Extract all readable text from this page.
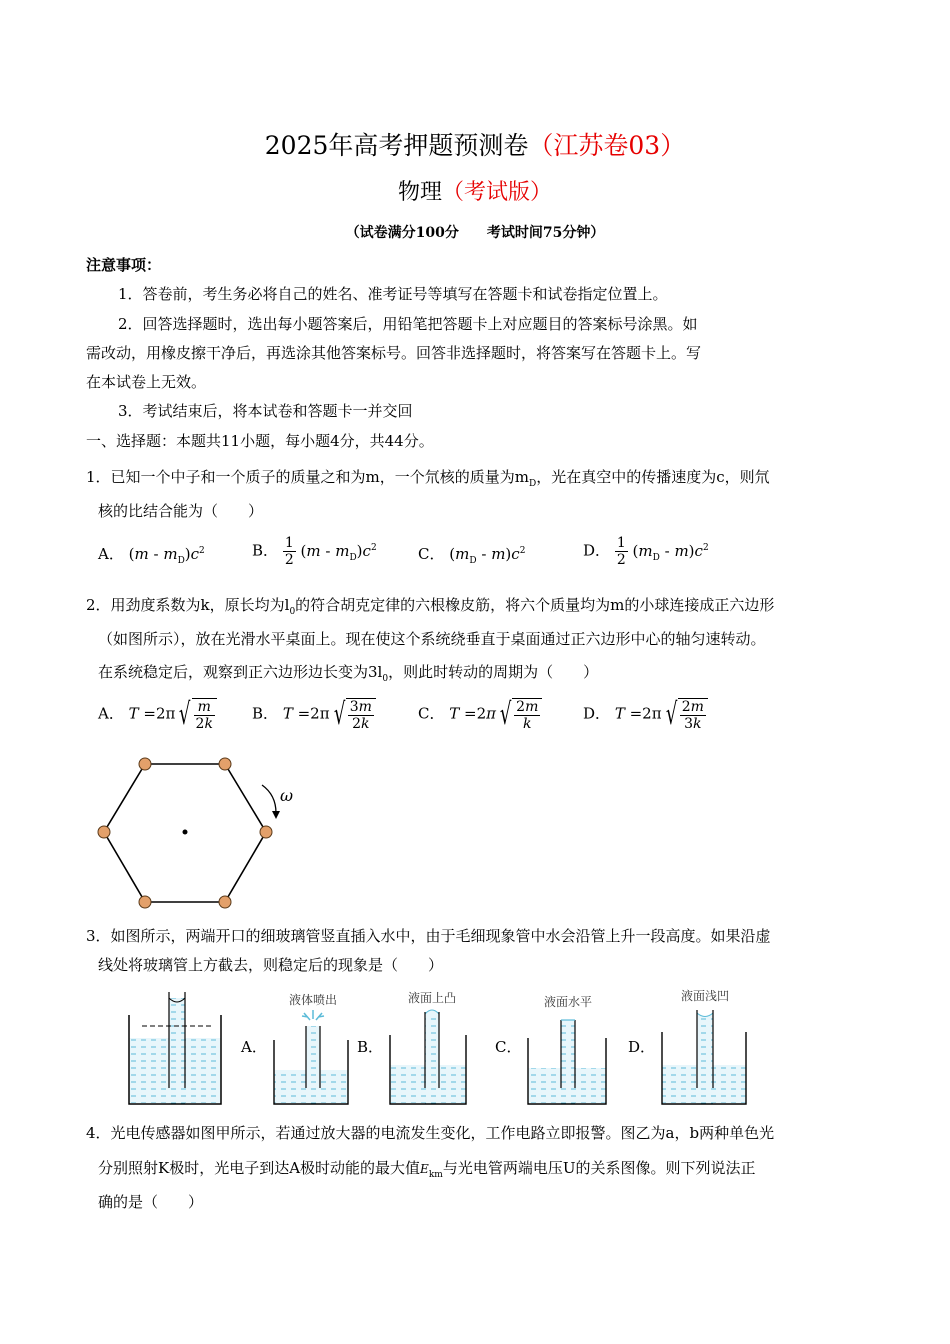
2025年高考押题预测卷（江苏卷03）
物理（考试版）
（试卷满分100分　　考试时间75分钟）
注意事项：
1．答卷前，考生务必将自己的姓名、准考证号等填写在答题卡和试卷指定位置上。
2．回答选择题时，选出每小题答案后，用铅笔把答题卡上对应题目的答案标号涂黑。如
需改动，用橡皮擦干净后，再选涂其他答案标号。回答非选择题时，将答案写在答题卡上。写
在本试卷上无效。
3．考试结束后，将本试卷和答题卡一并交回
一、选择题：本题共11小题，每小题4分，共44分。
1．已知一个中子和一个质子的质量之和为m，一个氘核的质量为$m_D$，光在真空中的传播速度为c，则氘
核的比结合能为（　　）
A． $(m - m_D)c^2$	B． $\frac{1}{2} (m - m_D)c^2$	C． $(m_D - m)c^2$	D． $\frac{1}{2} (m_D - m)c^2$
2．用劲度系数为k，原长均为$l_0$的符合胡克定律的六根橡皮筋，将六个质量均为m的小球连接成正六边形
（如图所示），放在光滑水平桌面上。现在使这个系统绕垂直于桌面通过正六边形中心的轴匀速转动。
在系统稳定后，观察到正六边形边长变为$3l_0$，则此时转动的周期为（　　）
A． T =2π √ $\frac{m}{2k}$ B． T =2π √ $\frac{3m}{2k}$	C． T =2π √ $\frac{2m}{k}$	D． T =2π √ $\frac{2m}{3k}$
ω
3．如图所示，两端开口的细玻璃管竖直插入水中，由于毛细现象管中水会沿管上升一段高度。如果沿虚
线处将玻璃管上方截去，则稳定后的现象是（　　）
A．
液体喷出
B．
液面上凸
C．
液面水平
D．
液面浅凹
4．光电传感器如图甲所示，若通过放大器的电流发生变化，工作电路立即报警。图乙为a，b两种单色光
分别照射K极时，光电子到达A极时动能的最大值$E_{km}$与光电管两端电压U的关系图像。则下列说法正
确的是（　　）
